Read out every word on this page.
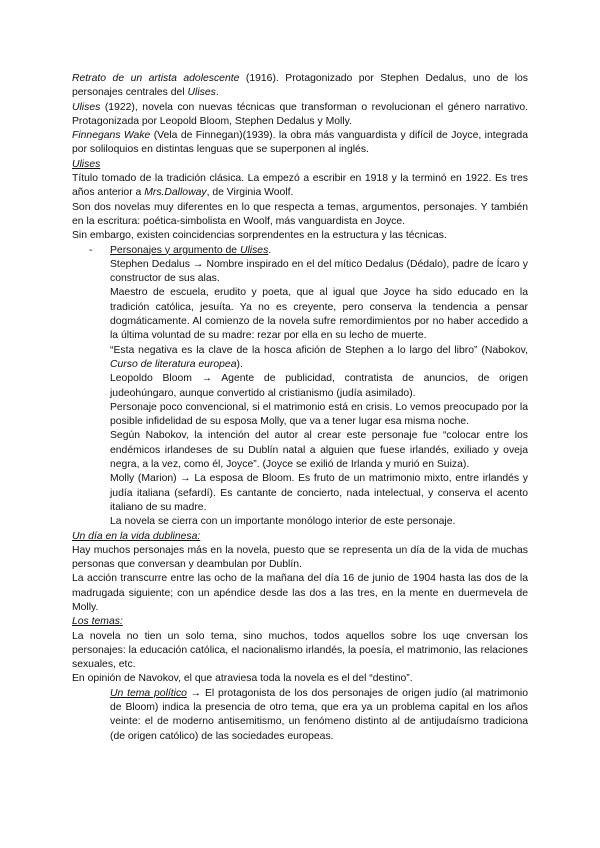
Retrato de un artista adolescente (1916). Protagonizado por Stephen Dedalus, uno de los personajes centrales del Ulises.

Ulises (1922), novela con nuevas técnicas que transforman o revolucionan el género narrativo. Protagonizada por Leopold Bloom, Stephen Dedalus y Molly.

Finnegans Wake (Vela de Finnegan)(1939). la obra más vanguardista y difícil de Joyce, integrada por soliloquios en distintas lenguas que se superponen al inglés.

Ulises

Título tomado de la tradición clásica. La empezó a escribir en 1918 y la terminó en 1922. Es tres años anterior a Mrs.Dalloway, de Virginia Woolf.

Son dos novelas muy diferentes en lo que respecta a temas, argumentos, personajes. Y también en la escritura: poética-simbolista en Woolf, más vanguardista en Joyce.

Sin embargo, existen coincidencias sorprendentes en la estructura y las técnicas.

- Personajes y argumento de Ulises.

Stephen Dedalus → Nombre inspirado en el del mítico Dedalus (Dédalo), padre de Ícaro y constructor de sus alas.

Maestro de escuela, erudito y poeta, que al igual que Joyce ha sido educado en la tradición católica, jesuíta. Ya no es creyente, pero conserva la tendencia a pensar dogmáticamente. Al comienzo de la novela sufre remordimientos por no haber accedido a la última voluntad de su madre: rezar por ella en su lecho de muerte.

“Esta negativa es la clave de la hosca afición de Stephen a lo largo del libro” (Nabokov, Curso de literatura europea).

Leopoldo Bloom → Agente de publicidad, contratista de anuncios, de origen judeohúngaro, aunque convertido al cristianismo (judía asimilado).

Personaje poco convencional, si el matrimonio está en crisis. Lo vemos preocupado por la posible infidelidad de su esposa Molly, que va a tener lugar esa misma noche.

Según Nabokov, la intención del autor al crear este personaje fue “colocar entre los endémicos irlandeses de su Dublín natal a alguien que fuese irlandés, exiliado y oveja negra, a la vez, como él, Joyce”. (Joyce se exilió de Irlanda y murió en Suiza).

Molly (Marion) → La esposa de Bloom. Es fruto de un matrimonio mixto, entre irlandés y judía italiana (sefardí). Es cantante de concierto, nada intelectual, y conserva el acento italiano de su madre.

La novela se cierra con un importante monólogo interior de este personaje.

Un día en la vida dublinesa:

Hay muchos personajes más en la novela, puesto que se representa un día de la vida de muchas personas que conversan y deambulan por Dublín.

La acción transcurre entre las ocho de la mañana del día 16 de junio de 1904 hasta las dos de la madrugada siguiente; con un apéndice desde las dos a las tres, en la mente en duermevela de Molly.

Los temas:

La novela no tien un solo tema, sino muchos, todos aquellos sobre los uqe cnversan los personajes: la educación católica, el nacionalismo irlandés, la poesía, el matrimonio, las relaciones sexuales, etc.

En opinión de Navokov, el que atraviesa toda la novela es el del “destino”.

Un tema político → El protagonista de los dos personajes de origen judío (al matrimonio de Bloom) indica la presencia de otro tema, que era ya un problema capital en los años veinte: el de moderno antisemitismo, un fenómeno distinto al de antijudaísmo tradiciona (de origen católico) de las sociedades europeas.
